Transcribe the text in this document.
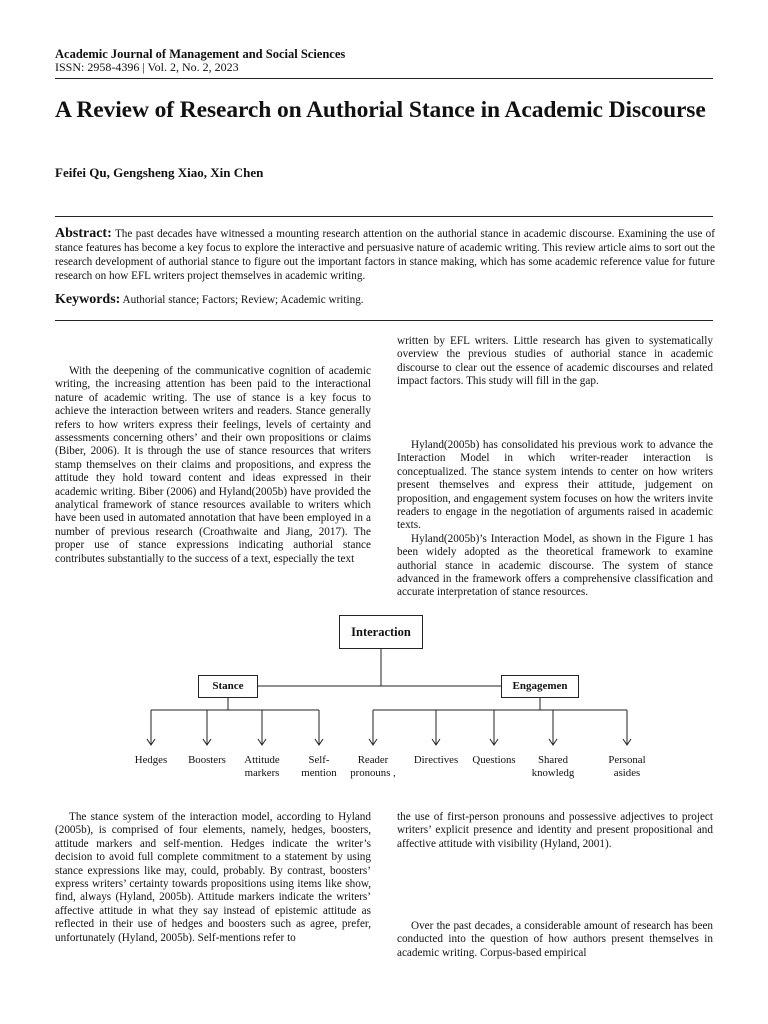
Academic Journal of Management and Social Sciences
ISSN: 2958-4396 | Vol. 2, No. 2, 2023
A Review of Research on Authorial Stance in Academic Discourse
Feifei Qu, Gengsheng Xiao, Xin Chen
Abstract: The past decades have witnessed a mounting research attention on the authorial stance in academic discourse. Examining the use of stance features has become a key focus to explore the interactive and persuasive nature of academic writing. This review article aims to sort out the research development of authorial stance to figure out the important factors in stance making, which has some academic reference value for future research on how EFL writers project themselves in academic writing.
Keywords: Authorial stance; Factors; Review; Academic writing.

With the deepening of the communicative cognition of academic writing, the increasing attention has been paid to the interactional nature of academic writing. The use of stance is a key focus to achieve the interaction between writers and readers. Stance generally refers to how writers express their feelings, levels of certainty and assessments concerning others’ and their own propositions or claims (Biber, 2006). It is through the use of stance resources that writers stamp themselves on their claims and propositions, and express the attitude they hold toward content and ideas expressed in their academic writing. Biber (2006) and Hyland(2005b) have provided the analytical framework of stance resources available to writers which have been used in automated annotation that have been employed in a number of previous research (Croathwaite and Jiang, 2017). The proper use of stance expressions indicating authorial stance contributes substantially to the success of a text, especially the text

written by EFL writers. Little research has given to systematically overview the previous studies of authorial stance in academic discourse to clear out the essence of academic discourses and related impact factors. This study will fill in the gap.

Hyland(2005b) has consolidated his previous work to advance the Interaction Model in which writer-reader interaction is conceptualized. The stance system intends to center on how writers present themselves and express their attitude, judgement on proposition, and engagement system focuses on how the writers invite readers to engage in the negotiation of arguments raised in academic texts.

Hyland(2005b)’s Interaction Model, as shown in the Figure 1 has been widely adopted as the theoretical framework to examine authorial stance in academic discourse. The system of stance advanced in the framework offers a comprehensive classification and accurate interpretation of stance resources.

Interaction
Stance	Engagemen
Hedges	Boosters	Attitude markers
Self-mention
Reader pronouns ,
Directives	Questions	Shared knowledg
Personal asides

The stance system of the interaction model, according to Hyland (2005b), is comprised of four elements, namely, hedges, boosters, attitude markers and self-mention. Hedges indicate the writer’s decision to avoid full complete commitment to a statement by using stance expressions like may, could, probably. By contrast, boosters’ express writers’ certainty towards propositions using items like show, find, always (Hyland, 2005b). Attitude markers indicate the writers’ affective attitude in what they say instead of epistemic attitude as reflected in their use of hedges and boosters such as agree, prefer, unfortunately (Hyland, 2005b). Self-mentions refer to

the use of first-person pronouns and possessive adjectives to project writers’ explicit presence and identity and present propositional and affective attitude with visibility (Hyland, 2001).

Over the past decades, a considerable amount of research has been conducted into the question of how authors present themselves in academic writing. Corpus-based empirical
